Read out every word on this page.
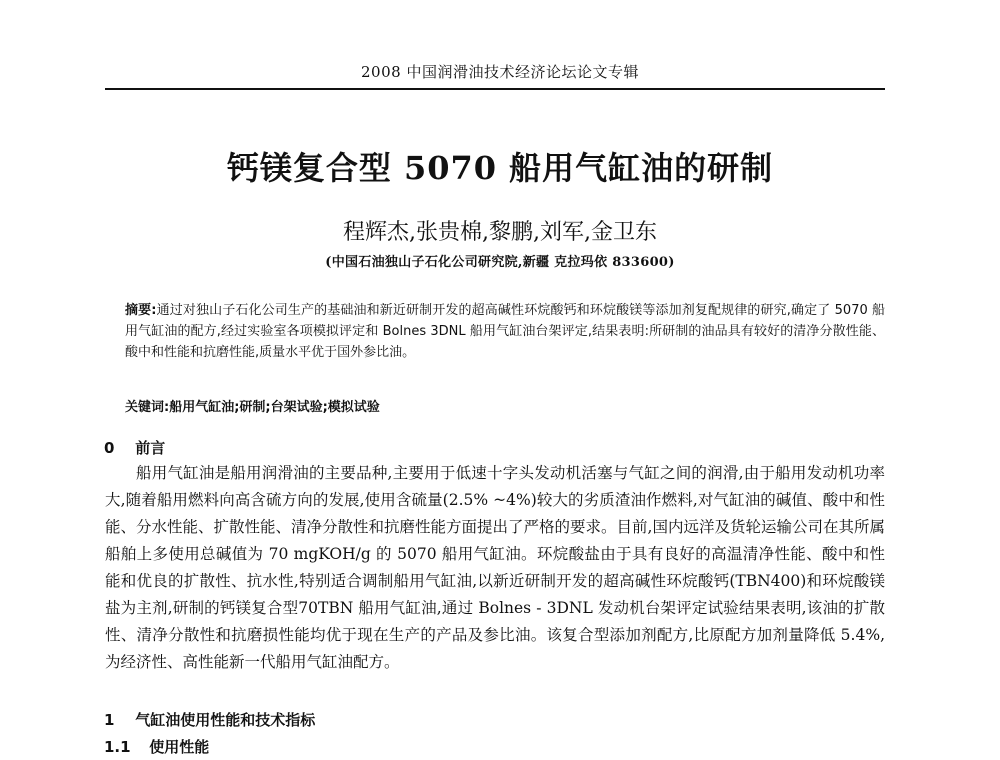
2008 中国润滑油技术经济论坛论文专辑
钙镁复合型 5070 船用气缸油的研制
程辉杰,张贵棉,黎鹏,刘军,金卫东
(中国石油独山子石化公司研究院,新疆 克拉玛依 833600)
摘要:通过对独山子石化公司生产的基础油和新近研制开发的超高碱性环烷酸钙和环烷酸镁等添加剂复配规律的研究,确定了 5070 船用气缸油的配方,经过实验室各项模拟评定和 Bolnes 3DNL 船用气缸油台架评定,结果表明:所研制的油品具有较好的清净分散性能、酸中和性能和抗磨性能,质量水平优于国外参比油。
关键词:船用气缸油;研制;台架试验;模拟试验
0 前言
船用气缸油是船用润滑油的主要品种,主要用于低速十字头发动机活塞与气缸之间的润滑,由于船用发动机功率大,随着船用燃料向高含硫方向的发展,使用含硫量(2.5% ~4%)较大的劣质渣油作燃料,对气缸油的碱值、酸中和性能、分水性能、扩散性能、清净分散性和抗磨性能方面提出了严格的要求。目前,国内远洋及货轮运输公司在其所属船舶上多使用总碱值为 70 mgKOH/g 的 5070 船用气缸油。环烷酸盐由于具有良好的高温清净性能、酸中和性能和优良的扩散性、抗水性,特别适合调制船用气缸油,以新近研制开发的超高碱性环烷酸钙(TBN400)和环烷酸镁盐为主剂,研制的钙镁复合型70TBN 船用气缸油,通过 Bolnes - 3DNL 发动机台架评定试验结果表明,该油的扩散性、清净分散性和抗磨损性能均优于现在生产的产品及参比油。该复合型添加剂配方,比原配方加剂量降低 5.4%,为经济性、高性能新一代船用气缸油配方。
1 气缸油使用性能和技术指标
1.1 使用性能
